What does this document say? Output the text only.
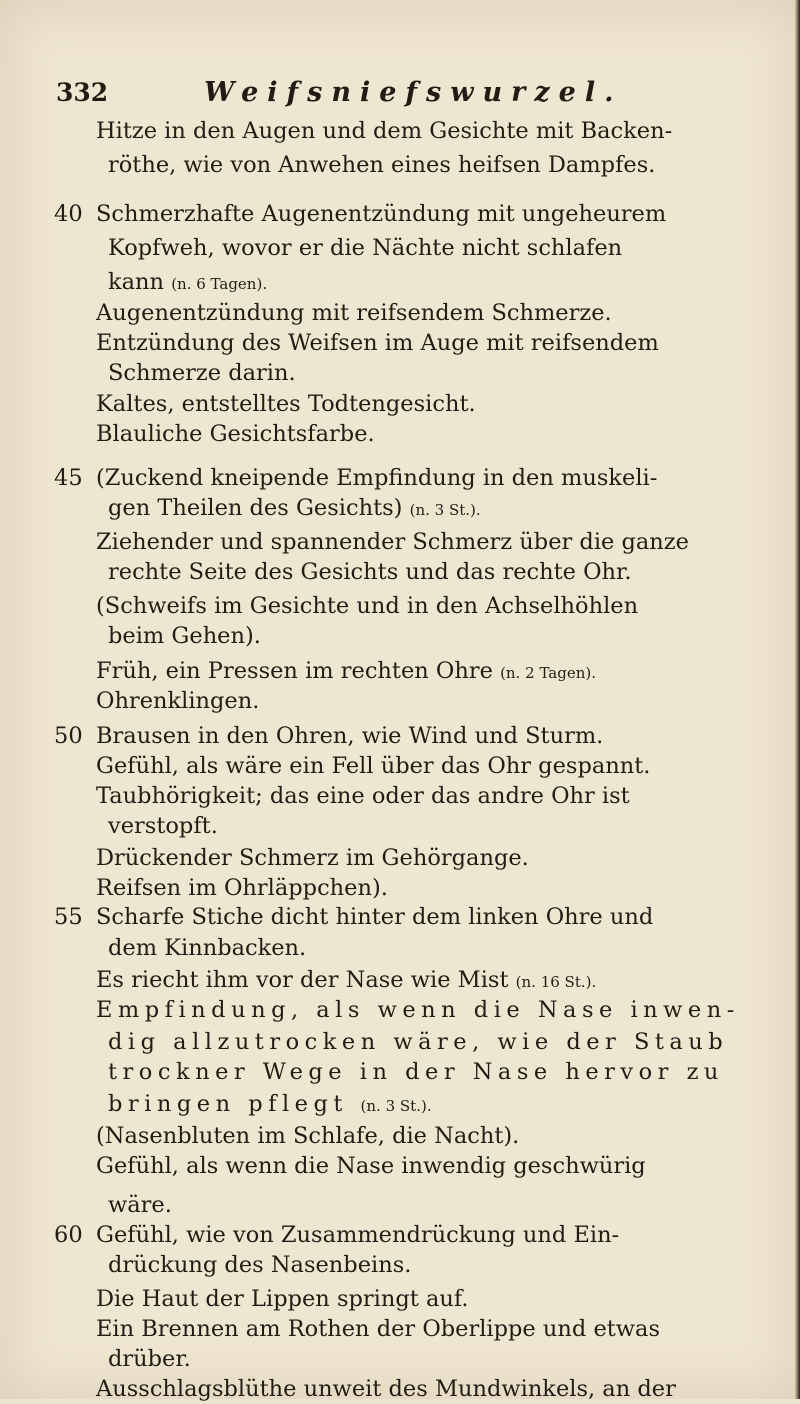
332	Weifsniefswurzel.
Hitze in den Augen und dem Gesichte mit Backen-
röthe, wie von Anwehen eines heifsen Dampfes.
40 Schmerzhafte Augenentzündung mit ungeheurem
Kopfweh, wovor er die Nächte nicht schlafen
kann (n. 6 Tagen).
Augenentzündung mit reifsendem Schmerze.
Entzündung des Weifsen im Auge mit reifsendem
Schmerze darin.
Kaltes, entstelltes Todtengesicht.
Blauliche Gesichtsfarbe.
45 (Zuckend kneipende Empfindung in den muskeli-
gen Theilen des Gesichts) (n. 3 St.).
Ziehender und spannender Schmerz über die ganze
rechte Seite des Gesichts und das rechte Ohr.
(Schweifs im Gesichte und in den Achselhöhlen
beim Gehen).
Früh, ein Pressen im rechten Ohre (n. 2 Tagen).
Ohrenklingen.
50 Brausen in den Ohren, wie Wind und Sturm.
Gefühl, als wäre ein Fell über das Ohr gespannt.
Taubhörigkeit; das eine oder das andre Ohr ist
verstopft.
Drückender Schmerz im Gehörgange.
Reifsen im Ohrläppchen).
55 Scharfe Stiche dicht hinter dem linken Ohre und
dem Kinnbacken.
Es riecht ihm vor der Nase wie Mist (n. 16 St.).
Empfindung, als wenn die Nase inwen-
dig allzutrocken wäre, wie der Staub
trockner Wege in der Nase hervor zu
bringen pflegt (n. 3 St.).
(Nasenbluten im Schlafe, die Nacht).
Gefühl, als wenn die Nase inwendig geschwürig
wäre.
60 Gefühl, wie von Zusammendrückung und Ein-
drückung des Nasenbeins.
Die Haut der Lippen springt auf.
Ein Brennen am Rothen der Oberlippe und etwas
drüber.
Ausschlagsblüthe unweit des Mundwinkels, an der
